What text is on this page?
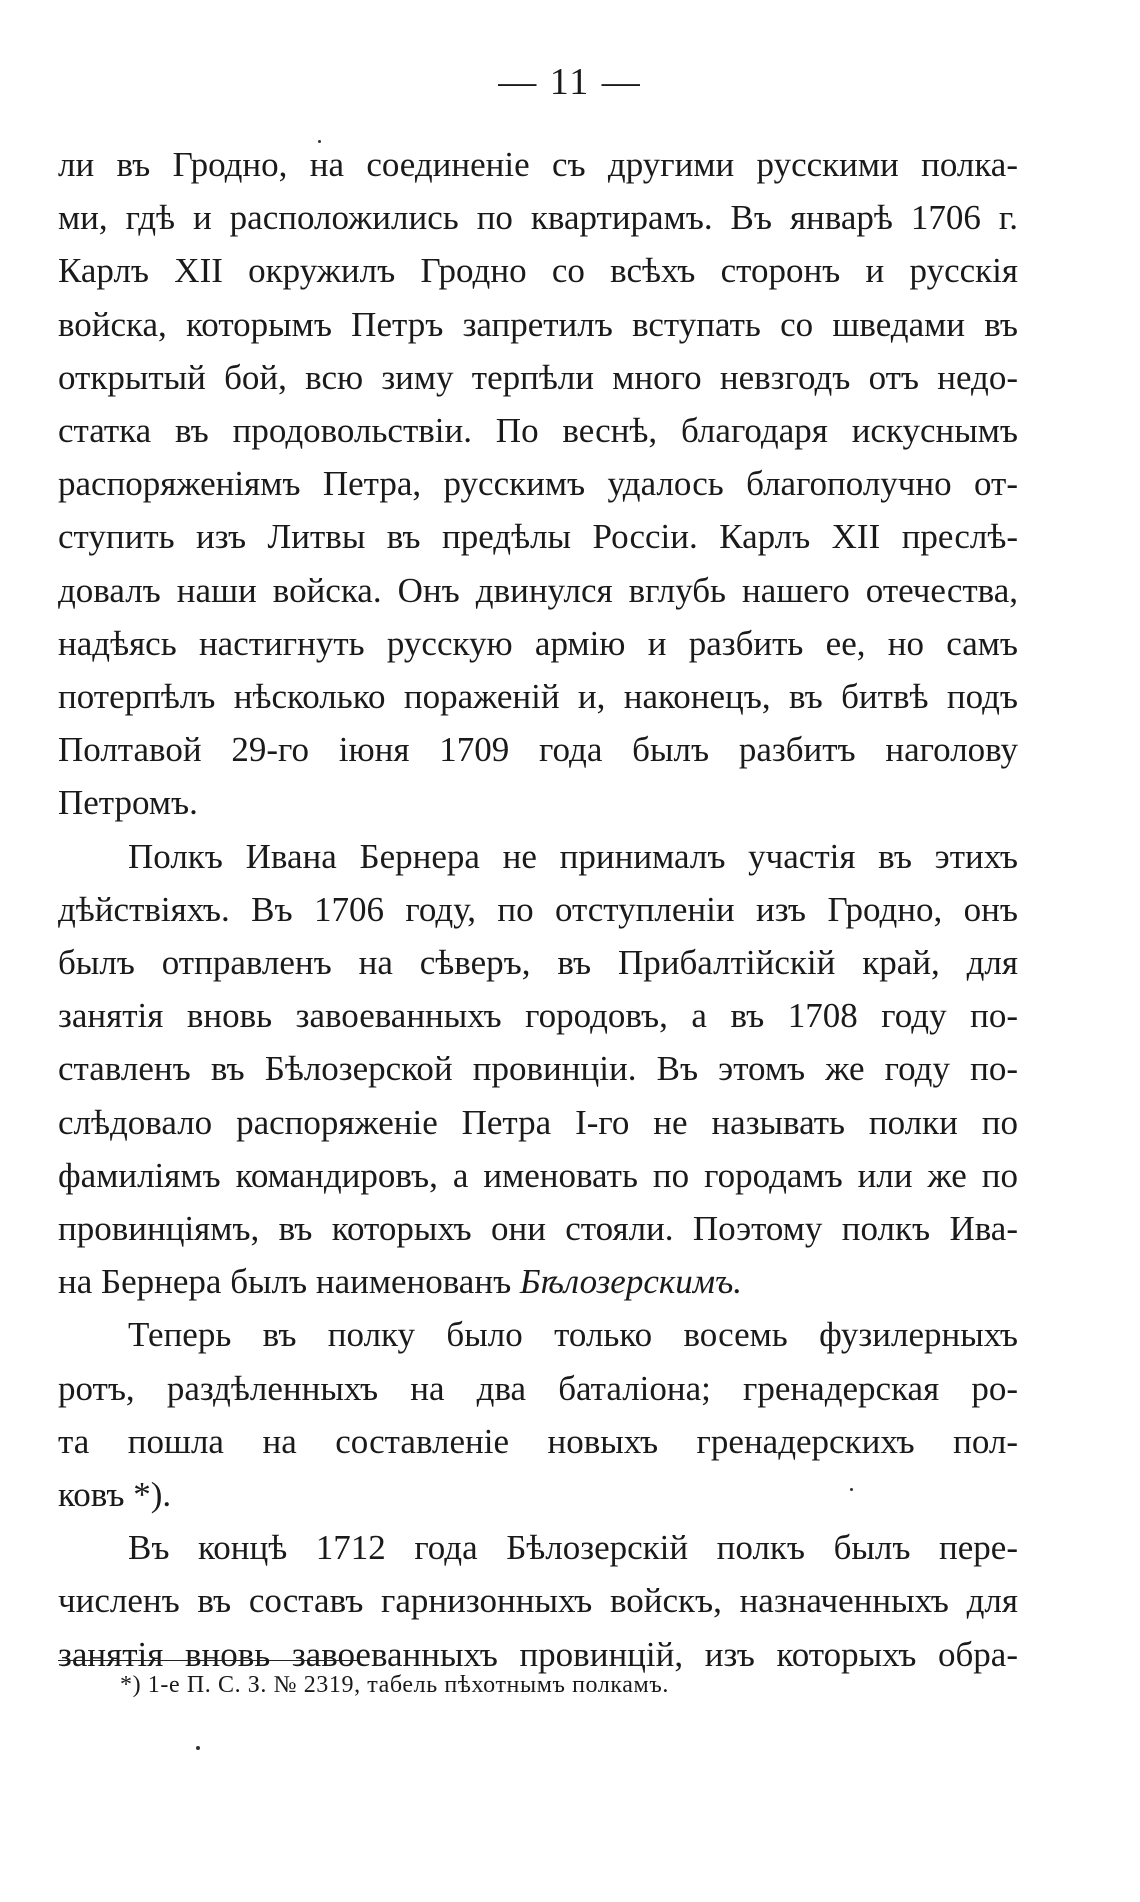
— 11 —
ли въ Гродно, на соединеніе съ другими русскими полка-
ми, гдѣ и расположились по квартирамъ. Въ январѣ 1706 г.
Карлъ XII окружилъ Гродно со всѣхъ сторонъ и русскія
войска, которымъ Петръ запретилъ вступать со шведами въ
открытый бой, всю зиму терпѣли много невзгодъ отъ недо-
статка въ продовольствіи. По веснѣ, благодаря искуснымъ
распоряженіямъ Петра, русскимъ удалось благополучно от-
ступить изъ Литвы въ предѣлы Россіи. Карлъ XII преслѣ-
довалъ наши войска. Онъ двинулся вглубь нашего отечества,
надѣясь настигнуть русскую армію и разбить ее, но самъ
потерпѣлъ нѣсколько пораженій и, наконецъ, въ битвѣ подъ
Полтавой 29-го іюня 1709 года былъ разбитъ наголову
Петромъ.
Полкъ Ивана Бернера не принималъ участія въ этихъ
дѣйствіяхъ. Въ 1706 году, по отступленіи изъ Гродно, онъ
былъ отправленъ на сѣверъ, въ Прибалтійскій край, для
занятія вновь завоеванныхъ городовъ, а въ 1708 году по-
ставленъ въ Бѣлозерской провинціи. Въ этомъ же году по-
слѣдовало распоряженіе Петра І-го не называть полки по
фамиліямъ командировъ, а именовать по городамъ или же по
провинціямъ, въ которыхъ они стояли. Поэтому полкъ Ива-
на Бернера былъ наименованъ Бѣлозерскимъ.
Теперь въ полку было только восемь фузилерныхъ
ротъ, раздѣленныхъ на два баталіона; гренадерская ро-
та пошла на составленіе новыхъ гренадерскихъ пол-
ковъ *).
Въ концѣ 1712 года Бѣлозерскій полкъ былъ пере-
численъ въ составъ гарнизонныхъ войскъ, назначенныхъ для
занятія вновь завоеванныхъ провинцій, изъ которыхъ обра-
*) 1-е П. С. З. № 2319, табель пѣхотнымъ полкамъ.
